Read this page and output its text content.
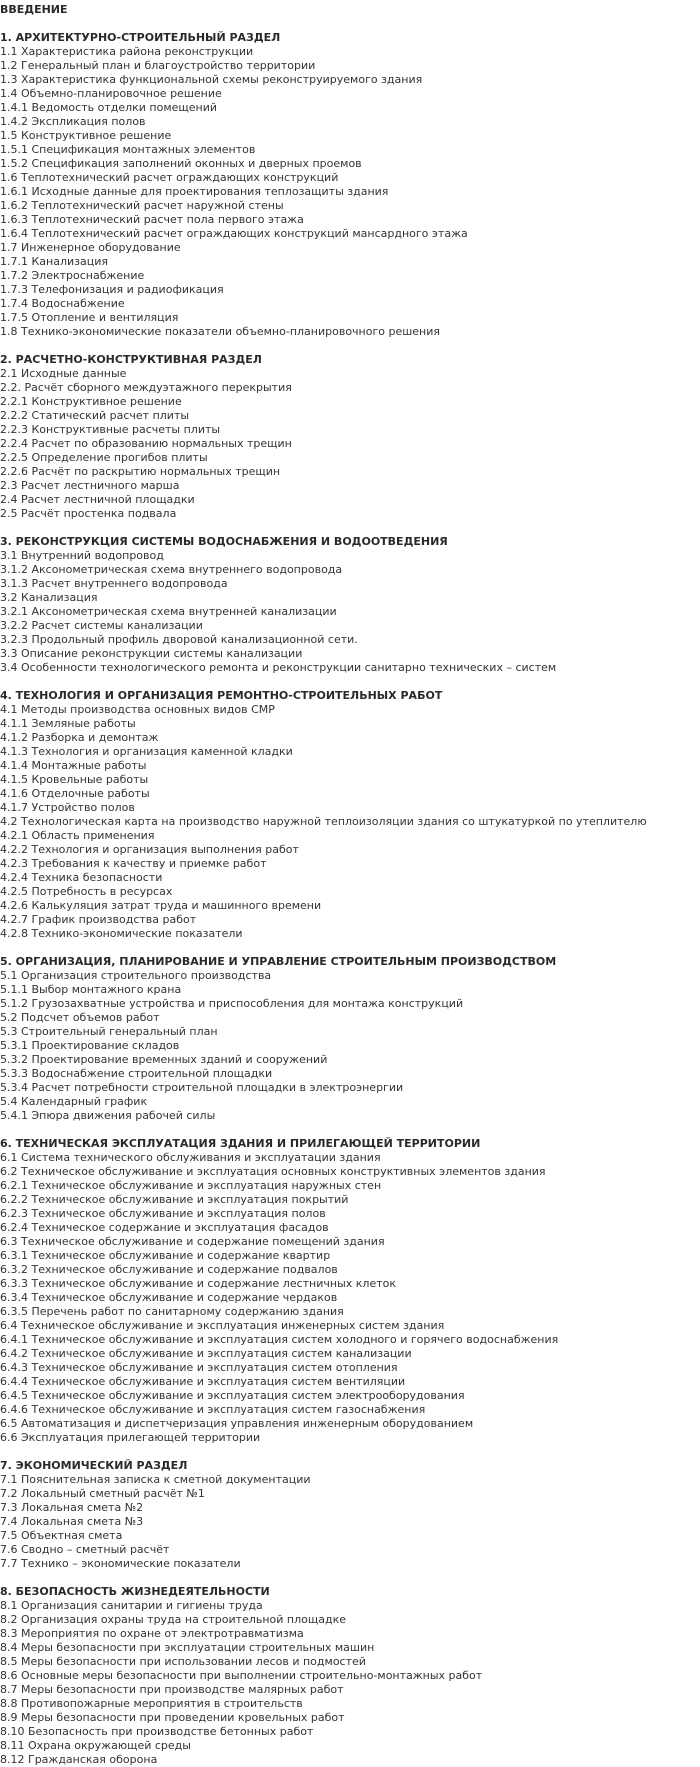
ВВЕДЕНИЕ
1. АРХИТЕКТУРНО-СТРОИТЕЛЬНЫЙ РАЗДЕЛ
1.1 Характеристика района реконструкции
1.2 Генеральный план и благоустройство территории
1.3 Характеристика функциональной схемы реконструируемого здания
1.4 Объемно-планировочное решение
1.4.1 Ведомость отделки помещений
1.4.2 Экспликация полов
1.5 Конструктивное решение
1.5.1 Спецификация монтажных элементов
1.5.2 Спецификация заполнений оконных и дверных проемов
1.6 Теплотехнический расчет ограждающих конструкций
1.6.1 Исходные данные для проектирования теплозащиты здания
1.6.2 Теплотехнический расчет наружной стены
1.6.3 Теплотехнический расчет пола первого этажа
1.6.4 Теплотехнический расчет ограждающих конструкций мансардного этажа
1.7 Инженерное оборудование
1.7.1 Канализация
1.7.2 Электроснабжение
1.7.3 Телефонизация и радиофикация
1.7.4 Водоснабжение
1.7.5 Отопление и вентиляция
1.8 Технико-экономические показатели объемно-планировочного решения
2. РАСЧЕТНО-КОНСТРУКТИВНАЯ РАЗДЕЛ
2.1 Исходные данные
2.2. Расчёт сборного междуэтажного перекрытия
2.2.1 Конструктивное решение
2.2.2 Статический расчет плиты
2.2.3 Конструктивные расчеты плиты
2.2.4 Расчет по образованию нормальных трещин
2.2.5 Определение прогибов плиты
2.2.6 Расчёт по раскрытию нормальных трещин
2.3 Расчет лестничного марша
2.4 Расчет лестничной площадки
2.5 Расчёт простенка подвала
3. РЕКОНСТРУКЦИЯ СИСТЕМЫ ВОДОСНАБЖЕНИЯ И ВОДООТВЕДЕНИЯ
3.1 Внутренний водопровод
3.1.2 Аксонометрическая схема внутреннего водопровода
3.1.3 Расчет внутреннего водопровода
3.2 Канализация
3.2.1 Аксонометрическая схема внутренней канализации
3.2.2 Расчет системы канализации
3.2.3 Продольный профиль дворовой канализационной сети.
3.3 Описание реконструкции системы канализации
3.4 Особенности технологического ремонта и реконструкции санитарно технических – систем
4. ТЕХНОЛОГИЯ И ОРГАНИЗАЦИЯ РЕМОНТНО-СТРОИТЕЛЬНЫХ РАБОТ
4.1 Методы производства основных видов СМР
4.1.1 Земляные работы
4.1.2 Разборка и демонтаж
4.1.3 Технология и организация каменной кладки
4.1.4 Монтажные работы
4.1.5 Кровельные работы
4.1.6 Отделочные работы
4.1.7 Устройство полов
4.2 Технологическая карта на производство наружной теплоизоляции здания со штукатуркой по утеплителю
4.2.1 Область применения
4.2.2 Технология и организация выполнения работ
4.2.3 Требования к качеству и приемке работ
4.2.4 Техника безопасности
4.2.5 Потребность в ресурсах
4.2.6 Калькуляция затрат труда и машинного времени
4.2.7 График производства работ
4.2.8 Технико-экономические показатели
5. ОРГАНИЗАЦИЯ, ПЛАНИРОВАНИЕ И УПРАВЛЕНИЕ СТРОИТЕЛЬНЫМ ПРОИЗВОДСТВОМ
5.1 Организация строительного производства
5.1.1 Выбор монтажного крана
5.1.2 Грузозахватные устройства и приспособления для монтажа конструкций
5.2 Подсчет объемов работ
5.3 Строительный генеральный план
5.3.1 Проектирование складов
5.3.2 Проектирование временных зданий и сооружений
5.3.3 Водоснабжение строительной площадки
5.3.4 Расчет потребности строительной площадки в электроэнергии
5.4 Календарный график
5.4.1 Эпюра движения рабочей силы
6. ТЕХНИЧЕСКАЯ ЭКСПЛУАТАЦИЯ ЗДАНИЯ И ПРИЛЕГАЮЩЕЙ ТЕРРИТОРИИ
6.1 Система технического обслуживания и эксплуатации здания
6.2 Техническое обслуживание и эксплуатация основных конструктивных элементов здания
6.2.1 Техническое обслуживание и эксплуатация наружных стен
6.2.2 Техническое обслуживание и эксплуатация покрытий
6.2.3 Техническое обслуживание и эксплуатация полов
6.2.4 Техническое содержание и эксплуатация фасадов
6.3 Техническое обслуживание и содержание помещений здания
6.3.1 Техническое обслуживание и содержание квартир
6.3.2 Техническое обслуживание и содержание подвалов
6.3.3 Техническое обслуживание и содержание лестничных клеток
6.3.4 Техническое обслуживание и содержание чердаков
6.3.5 Перечень работ по санитарному содержанию здания
6.4 Техническое обслуживание и эксплуатация инженерных систем здания
6.4.1 Техническое обслуживание и эксплуатация систем холодного и горячего водоснабжения
6.4.2 Техническое обслуживание и эксплуатация систем канализации
6.4.3 Техническое обслуживание и эксплуатация систем отопления
6.4.4 Техническое обслуживание и эксплуатация систем вентиляции
6.4.5 Техническое обслуживание и эксплуатация систем электрооборудования
6.4.6 Техническое обслуживание и эксплуатация систем газоснабжения
6.5 Автоматизация и диспетчеризация управления инженерным оборудованием
6.6 Эксплуатация прилегающей территории
7. ЭКОНОМИЧЕСКИЙ РАЗДЕЛ
7.1 Пояснительная записка к сметной документации
7.2 Локальный сметный расчёт №1
7.3 Локальная смета №2
7.4 Локальная смета №3
7.5 Объектная смета
7.6 Сводно – сметный расчёт
7.7 Технико – экономические показатели
8. БЕЗОПАСНОСТЬ ЖИЗНЕДЕЯТЕЛЬНОСТИ
8.1 Организация санитарии и гигиены труда
8.2 Организация охраны труда на строительной площадке
8.3 Мероприятия по охране от электротравматизма
8.4 Меры безопасности при эксплуатации строительных машин
8.5 Меры безопасности при использовании лесов и подмостей
8.6 Основные меры безопасности при выполнении строительно-монтажных работ
8.7 Меры безопасности при производстве малярных работ
8.8 Противопожарные мероприятия в строительств
8.9 Меры безопасности при проведении кровельных работ
8.10 Безопасность при производстве бетонных работ
8.11 Охрана окружающей среды
8.12 Гражданская оборона
